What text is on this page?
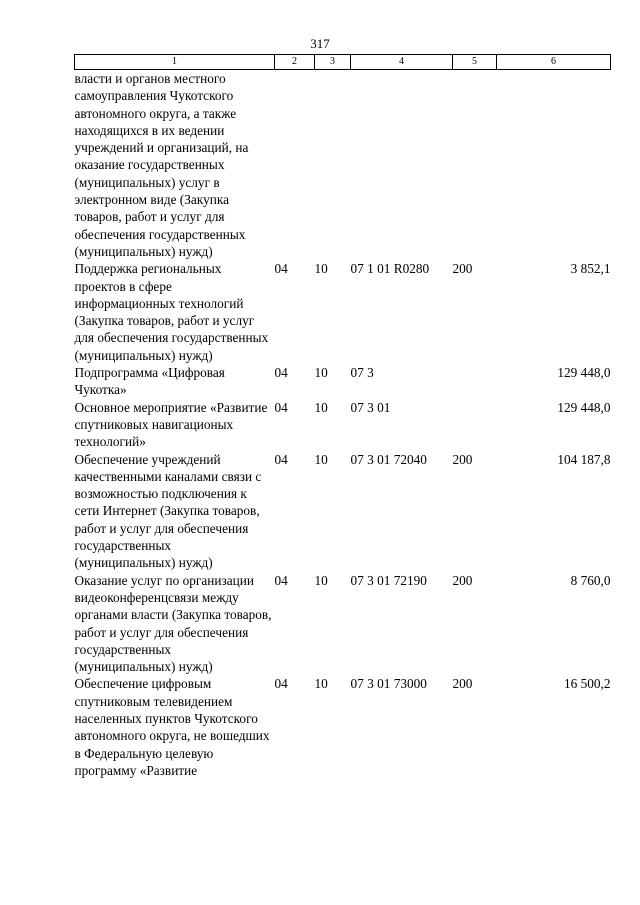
317
1	2	3	4	5	6
власти и органов местного самоуправления Чукотского автономного округа, а также находящихся в их ведении учреждений и организаций, на оказание государственных (муниципальных) услуг в электронном виде (Закупка товаров, работ и услуг для обеспечения государственных (муниципальных) нужд)					
Поддержка региональных проектов в сфере информационных технологий (Закупка товаров, работ и услуг для обеспечения государственных (муниципальных) нужд)	04	10	07 1 01 R0280	200	3 852,1
Подпрограмма «Цифровая Чукотка»	04	10	07 3		129 448,0
Основное мероприятие «Развитие спутниковых навигационых технологий»	04	10	07 3 01		129 448,0
Обеспечение учреждений качественными каналами связи с возможностью подключения к сети Интернет (Закупка товаров, работ и услуг для обеспечения государственных (муниципальных) нужд)	04	10	07 3 01 72040	200	104 187,8
Оказание услуг по организации видеоконференцсвязи между органами власти (Закупка товаров, работ и услуг для обеспечения государственных (муниципальных) нужд)	04	10	07 3 01 72190	200	8 760,0
Обеспечение цифровым спутниковым телевидением населенных пунктов Чукотского автономного округа, не вошедших в Федеральную целевую программу «Развитие	04	10	07 3 01 73000	200	16 500,2
